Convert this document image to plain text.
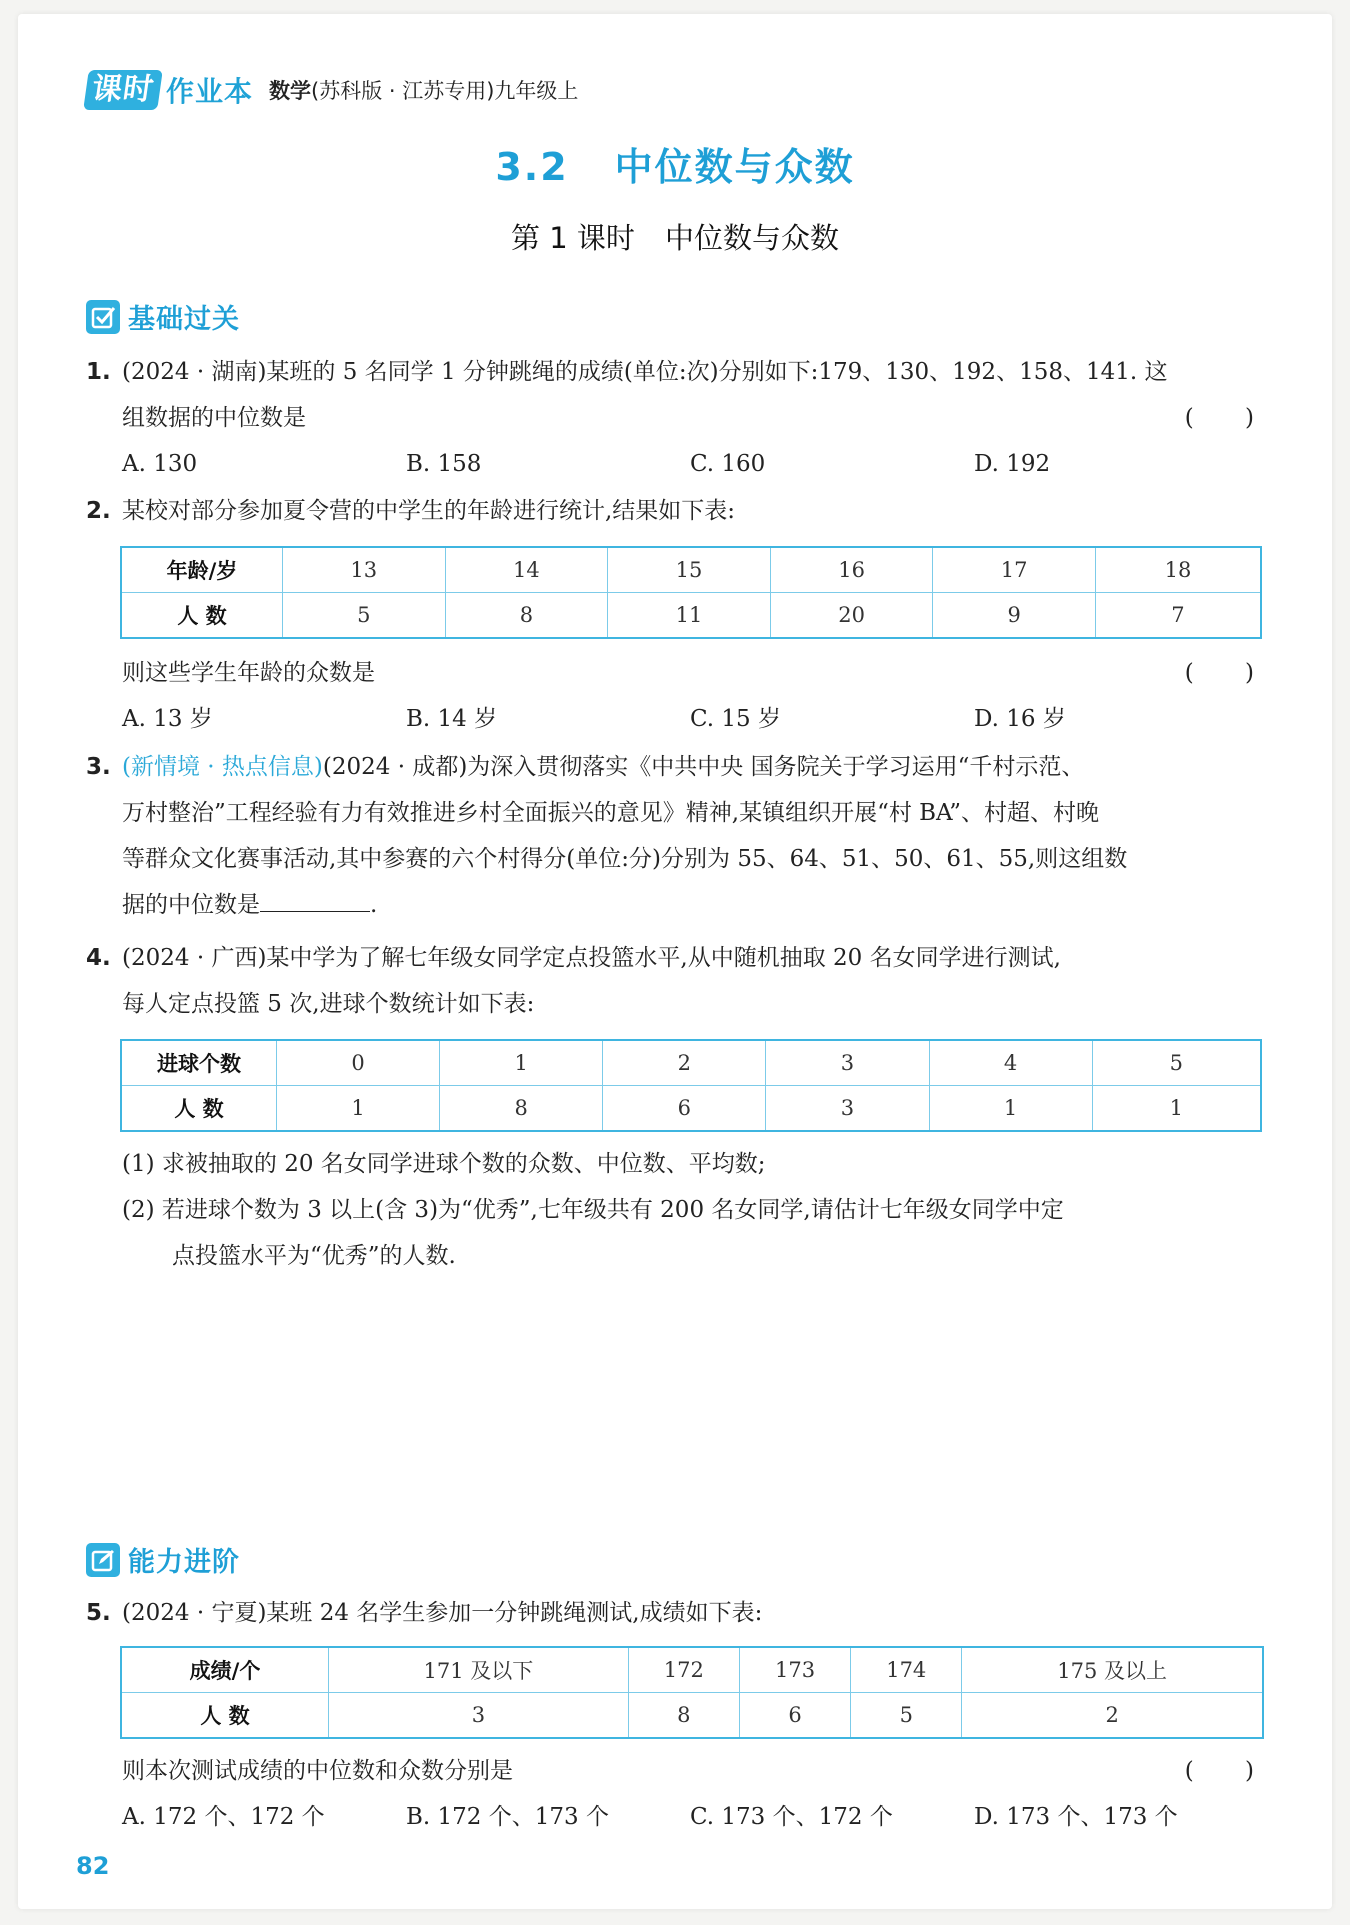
课时 作业本 数学(苏科版 · 江苏专用)九年级上
3.2 中位数与众数
第 1 课时 中位数与众数
基础过关
1. (2024 · 湖南)某班的 5 名同学 1 分钟跳绳的成绩(单位:次)分别如下:179、130、192、158、141. 这
组数据的中位数是	( )
A. 130	B. 158	C. 160	D. 192
2. 某校对部分参加夏令营的中学生的年龄进行统计,结果如下表:
年龄/岁	13	14	15	16	17	18
人 数	5	8	11	20	9	7
则这些学生年龄的众数是	( )
A. 13 岁	B. 14 岁	C. 15 岁	D. 16 岁
3. (新情境 · 热点信息)(2024 · 成都)为深入贯彻落实《中共中央 国务院关于学习运用“千村示范、
万村整治”工程经验有力有效推进乡村全面振兴的意见》精神,某镇组织开展“村 BA”、村超、村晚
等群众文化赛事活动,其中参赛的六个村得分(单位:分)分别为 55、64、51、50、61、55,则这组数
据的中位数是	.
4. (2024 · 广西)某中学为了解七年级女同学定点投篮水平,从中随机抽取 20 名女同学进行测试,
每人定点投篮 5 次,进球个数统计如下表:
进球个数	0	1	2	3	4	5
人 数	1	8	6	3	1	1
(1) 求被抽取的 20 名女同学进球个数的众数、中位数、平均数;
(2) 若进球个数为 3 以上(含 3)为“优秀”,七年级共有 200 名女同学,请估计七年级女同学中定
点投篮水平为“优秀”的人数.
能力进阶
5. (2024 · 宁夏)某班 24 名学生参加一分钟跳绳测试,成绩如下表:
成绩/个	171 及以下	172	173	174	175 及以上
人 数	3	8	6	5	2
则本次测试成绩的中位数和众数分别是	( )
A. 172 个、172 个	B. 172 个、173 个	C. 173 个、172 个	D. 173 个、173 个
82
